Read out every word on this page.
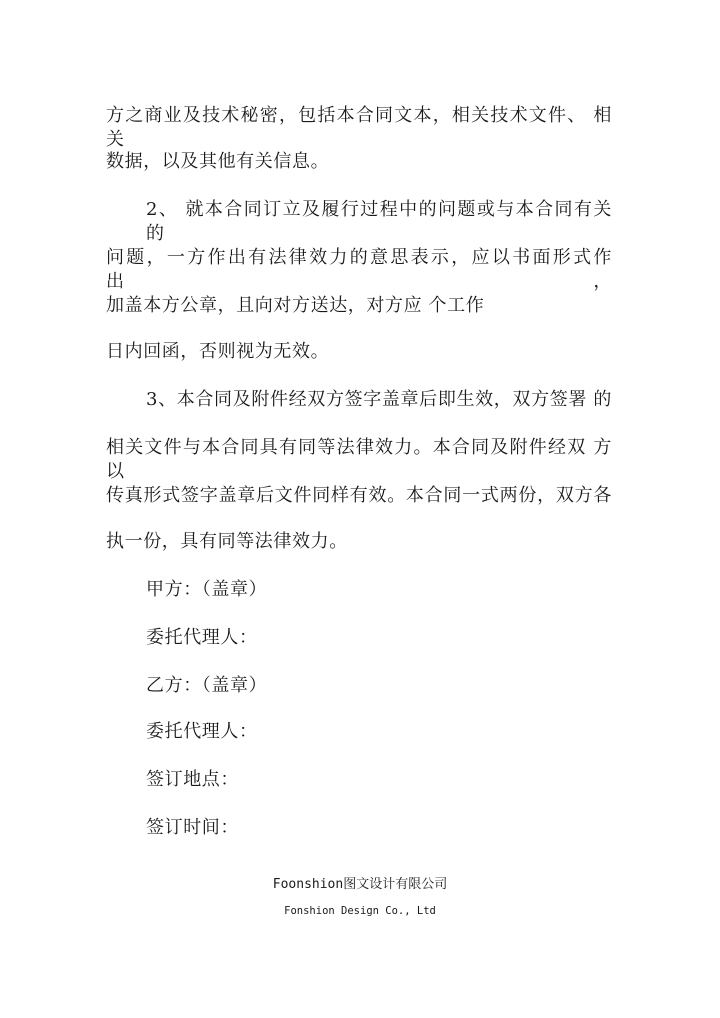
方之商业及技术秘密，包括本合同文本，相关技术文件、 相关
数据，以及其他有关信息。
2、 就本合同订立及履行过程中的问题或与本合同有关 的
问题，一方作出有法律效力的意思表示，应以书面形式作 出，
加盖本方公章，且向对方送达，对方应 个工作
日内回函，否则视为无效。
3、本合同及附件经双方签字盖章后即生效，双方签署 的
相关文件与本合同具有同等法律效力。本合同及附件经双 方以
传真形式签字盖章后文件同样有效。本合同一式两份，双方各
执一份，具有同等法律效力。
甲方：（盖章）
委托代理人：
乙方：（盖章）
委托代理人：
签订地点：
签订时间：
Foonshion图文设计有限公司
Fonshion Design Co., Ltd
